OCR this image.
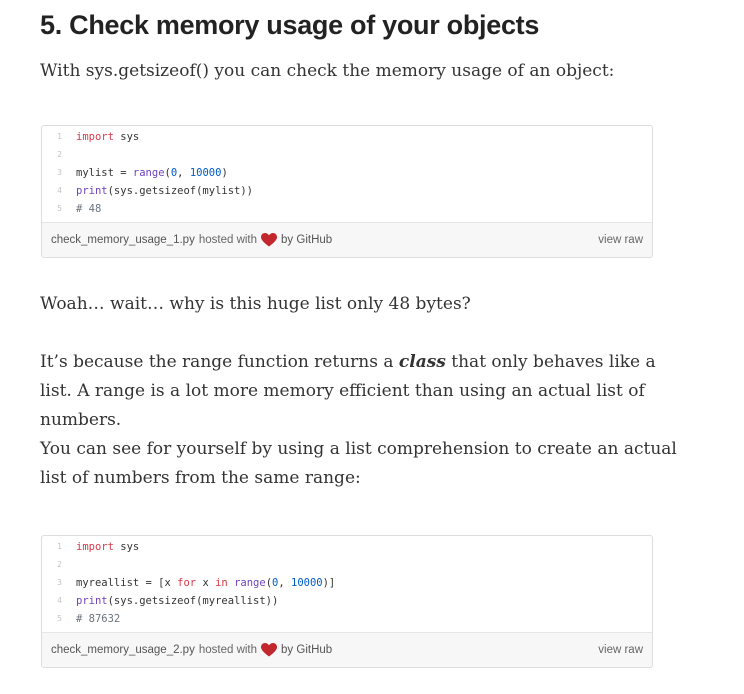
5. Check memory usage of your objects

With sys.getsizeof() you can check the memory usage of an object:

1	import sys
2
3	mylist = range(0, 10000)
4	print(sys.getsizeof(mylist))
5	# 48
check_memory_usage_1.py hosted with by GitHub	view raw

Woah… wait… why is this huge list only 48 bytes?

It’s because the range function returns a class that only behaves like a list. A range is a lot more memory efficient than using an actual list of numbers.

You can see for yourself by using a list comprehension to create an actual list of numbers from the same range:

1	import sys
2
3	myreallist = [x for x in range(0, 10000)]
4	print(sys.getsizeof(myreallist))
5	# 87632
check_memory_usage_2.py hosted with by GitHub	view raw
